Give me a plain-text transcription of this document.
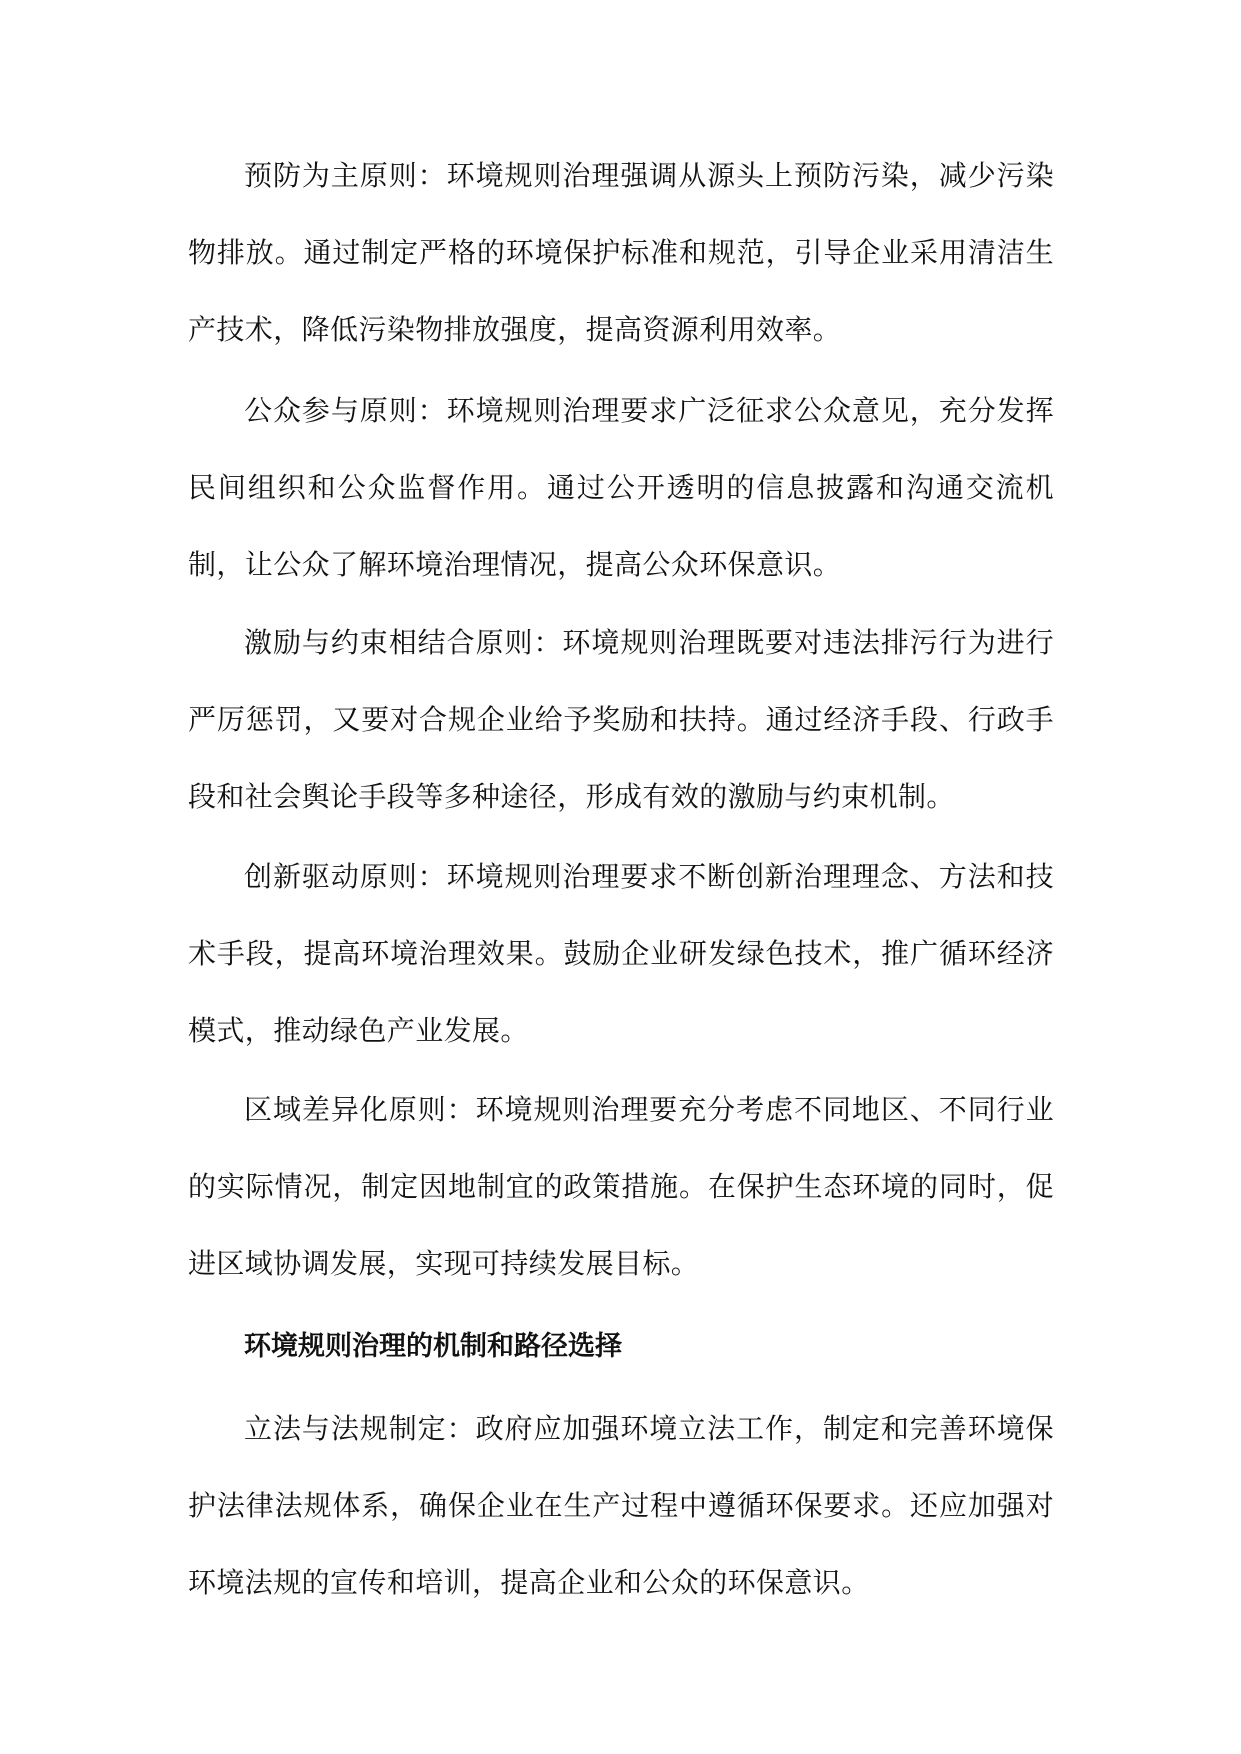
预防为主原则：环境规则治理强调从源头上预防污染，减少污染物排放。通过制定严格的环境保护标准和规范，引导企业采用清洁生产技术，降低污染物排放强度，提高资源利用效率。

公众参与原则：环境规则治理要求广泛征求公众意见，充分发挥民间组织和公众监督作用。通过公开透明的信息披露和沟通交流机制，让公众了解环境治理情况，提高公众环保意识。

激励与约束相结合原则：环境规则治理既要对违法排污行为进行严厉惩罚，又要对合规企业给予奖励和扶持。通过经济手段、行政手段和社会舆论手段等多种途径，形成有效的激励与约束机制。

创新驱动原则：环境规则治理要求不断创新治理理念、方法和技术手段，提高环境治理效果。鼓励企业研发绿色技术，推广循环经济模式，推动绿色产业发展。

区域差异化原则：环境规则治理要充分考虑不同地区、不同行业的实际情况，制定因地制宜的政策措施。在保护生态环境的同时，促进区域协调发展，实现可持续发展目标。

环境规则治理的机制和路径选择

立法与法规制定：政府应加强环境立法工作，制定和完善环境保护法律法规体系，确保企业在生产过程中遵循环保要求。还应加强对环境法规的宣传和培训，提高企业和公众的环保意识。
